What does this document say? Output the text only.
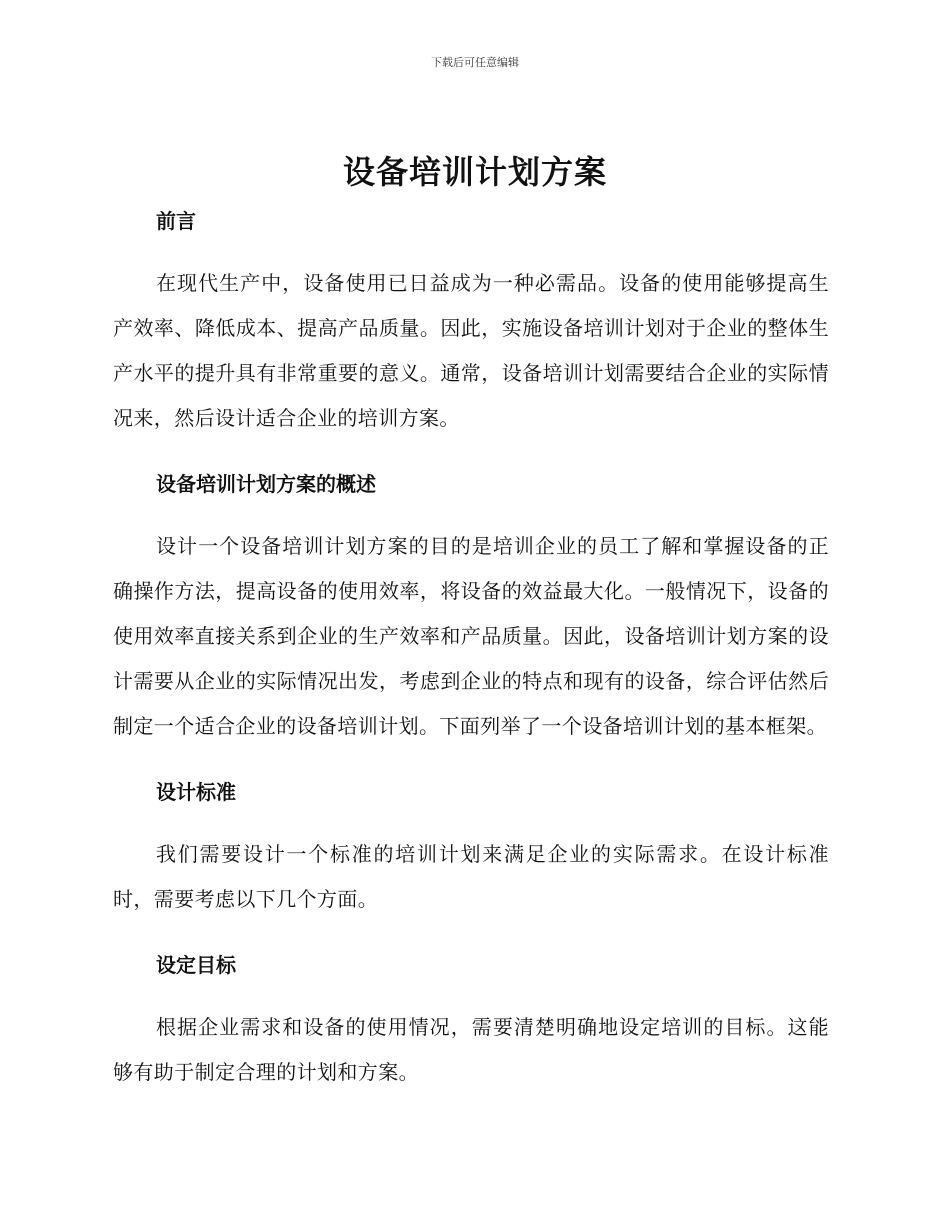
下载后可任意编辑
设备培训计划方案
前言

在现代生产中，设备使用已日益成为一种必需品。设备的使用能够提高生产效率、降低成本、提高产品质量。因此，实施设备培训计划对于企业的整体生产水平的提升具有非常重要的意义。通常，设备培训计划需要结合企业的实际情况来，然后设计适合企业的培训方案。

设备培训计划方案的概述

设计一个设备培训计划方案的目的是培训企业的员工了解和掌握设备的正确操作方法，提高设备的使用效率，将设备的效益最大化。一般情况下，设备的使用效率直接关系到企业的生产效率和产品质量。因此，设备培训计划方案的设计需要从企业的实际情况出发，考虑到企业的特点和现有的设备，综合评估然后制定一个适合企业的设备培训计划。下面列举了一个设备培训计划的基本框架。

设计标准

我们需要设计一个标准的培训计划来满足企业的实际需求。在设计标准时，需要考虑以下几个方面。

设定目标

根据企业需求和设备的使用情况，需要清楚明确地设定培训的目标。这能够有助于制定合理的计划和方案。
